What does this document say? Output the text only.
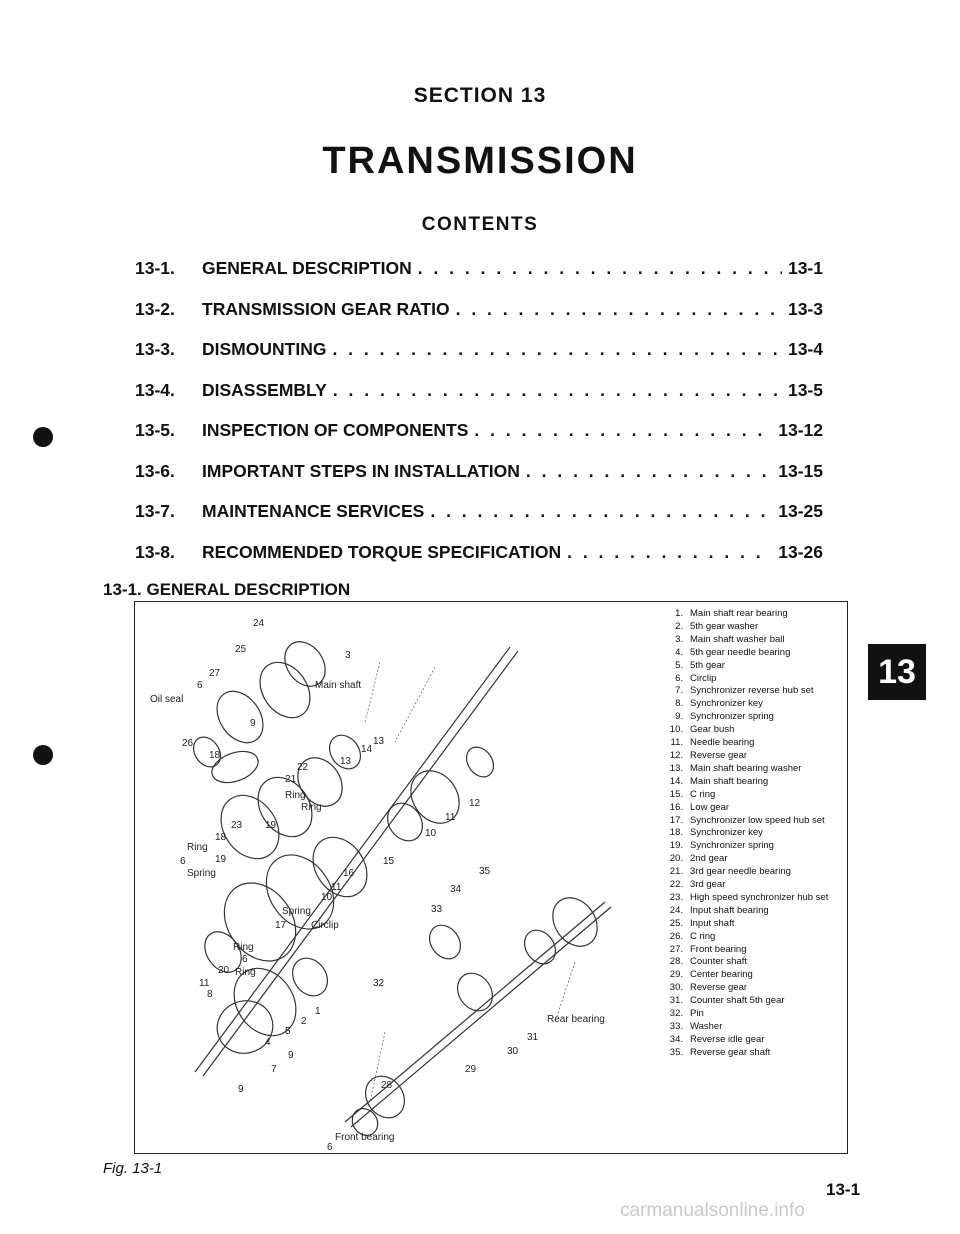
SECTION 13
TRANSMISSION
CONTENTS
13-1.	GENERAL DESCRIPTION . . .	13-1
13-2.	TRANSMISSION GEAR RATIO . . .	13-3
13-3.	DISMOUNTING . . .	13-4
13-4.	DISASSEMBLY . . .	13-5
13-5.	INSPECTION OF COMPONENTS . . .	13-12
13-6.	IMPORTANT STEPS IN INSTALLATION . . .	13-15
13-7.	MAINTENANCE SERVICES . . .	13-25
13-8.	RECOMMENDED TORQUE SPECIFICATION . . .	13-26
13-1. GENERAL DESCRIPTION
24
25
3
27
6
Oil seal
Main shaft
9
26	13
14
18
13
22
21
Ring
Ring	12
11
23 19
10
18
Ring
19
6	15
Spring	16	35
11	34
10
Spring	33
17 Circlip
Ring
6
20 Ring
11	32
8
Rear bearing
1
2
31
5
30
4
29
9
7
28
9
Front bearing
6
1. Main shaft rear bearing
2. 5th gear washer
3. Main shaft washer ball
4. 5th gear needle bearing
5. 5th gear
6. Circlip
7. Synchronizer reverse hub set
8. Synchronizer key
9. Synchronizer spring
10. Gear bush
11. Needle bearing
12. Reverse gear
13. Main shaft bearing washer
14. Main shaft bearing
15. C ring
16. Low gear
17. Synchronizer low speed hub set
18. Synchronizer key
19. Synchronizer spring
20. 2nd gear
21. 3rd gear needle bearing
22. 3rd gear
23. High speed synchronizer hub set
24. Input shaft bearing
25. Input shaft
26. C ring
27. Front bearing
28. Counter shaft
29. Center bearing
30. Reverse gear
31. Counter shaft 5th gear
32. Pin
33. Washer
34. Reverse idle gear
35. Reverse gear shaft
Fig. 13-1
13
13-1
carmanualsonline.info
